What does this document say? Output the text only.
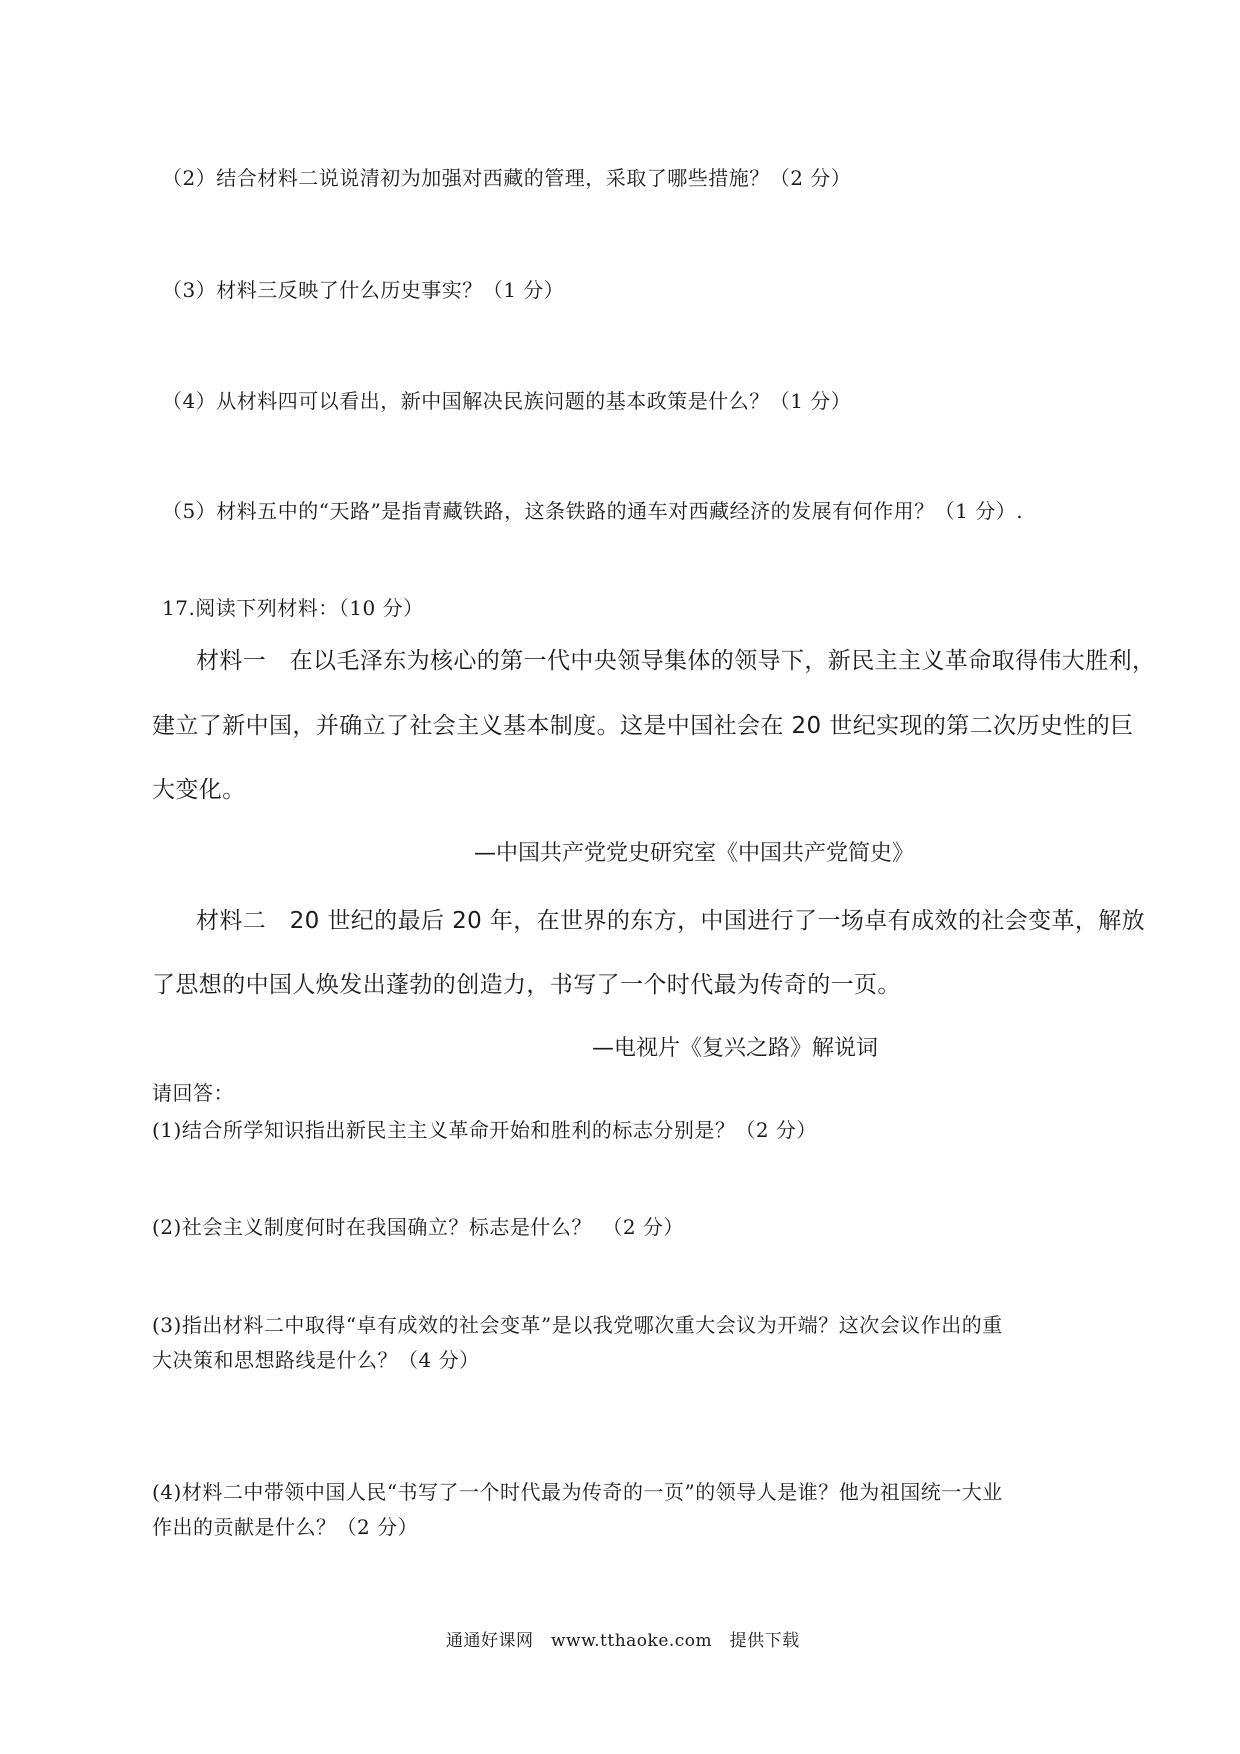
（2）结合材料二说说清初为加强对西藏的管理，采取了哪些措施？（2 分）

（3）材料三反映了什么历史事实？（1 分）

（4）从材料四可以看出，新中国解决民族问题的基本政策是什么？（1 分）

（5）材料五中的“天路”是指青藏铁路，这条铁路的通车对西藏经济的发展有何作用？（1 分）.

17.阅读下列材料：（10 分）

材料一　在以毛泽东为核心的第一代中央领导集体的领导下，新民主主义革命取得伟大胜利，

建立了新中国，并确立了社会主义基本制度。这是中国社会在 20 世纪实现的第二次历史性的巨

大变化。

—中国共产党党史研究室《中国共产党简史》

材料二　20 世纪的最后 20 年，在世界的东方，中国进行了一场卓有成效的社会变革，解放

了思想的中国人焕发出蓬勃的创造力，书写了一个时代最为传奇的一页。

—电视片《复兴之路》解说词

请回答：

(1)结合所学知识指出新民主主义革命开始和胜利的标志分别是？（2 分）

(2)社会主义制度何时在我国确立？标志是什么？　（2 分）

(3)指出材料二中取得“卓有成效的社会变革”是以我党哪次重大会议为开端？这次会议作出的重

大决策和思想路线是什么？（4 分）

(4)材料二中带领中国人民“书写了一个时代最为传奇的一页”的领导人是谁？他为祖国统一大业

作出的贡献是什么？（2 分）

通通好课网　www.tthaoke.com　提供下载
